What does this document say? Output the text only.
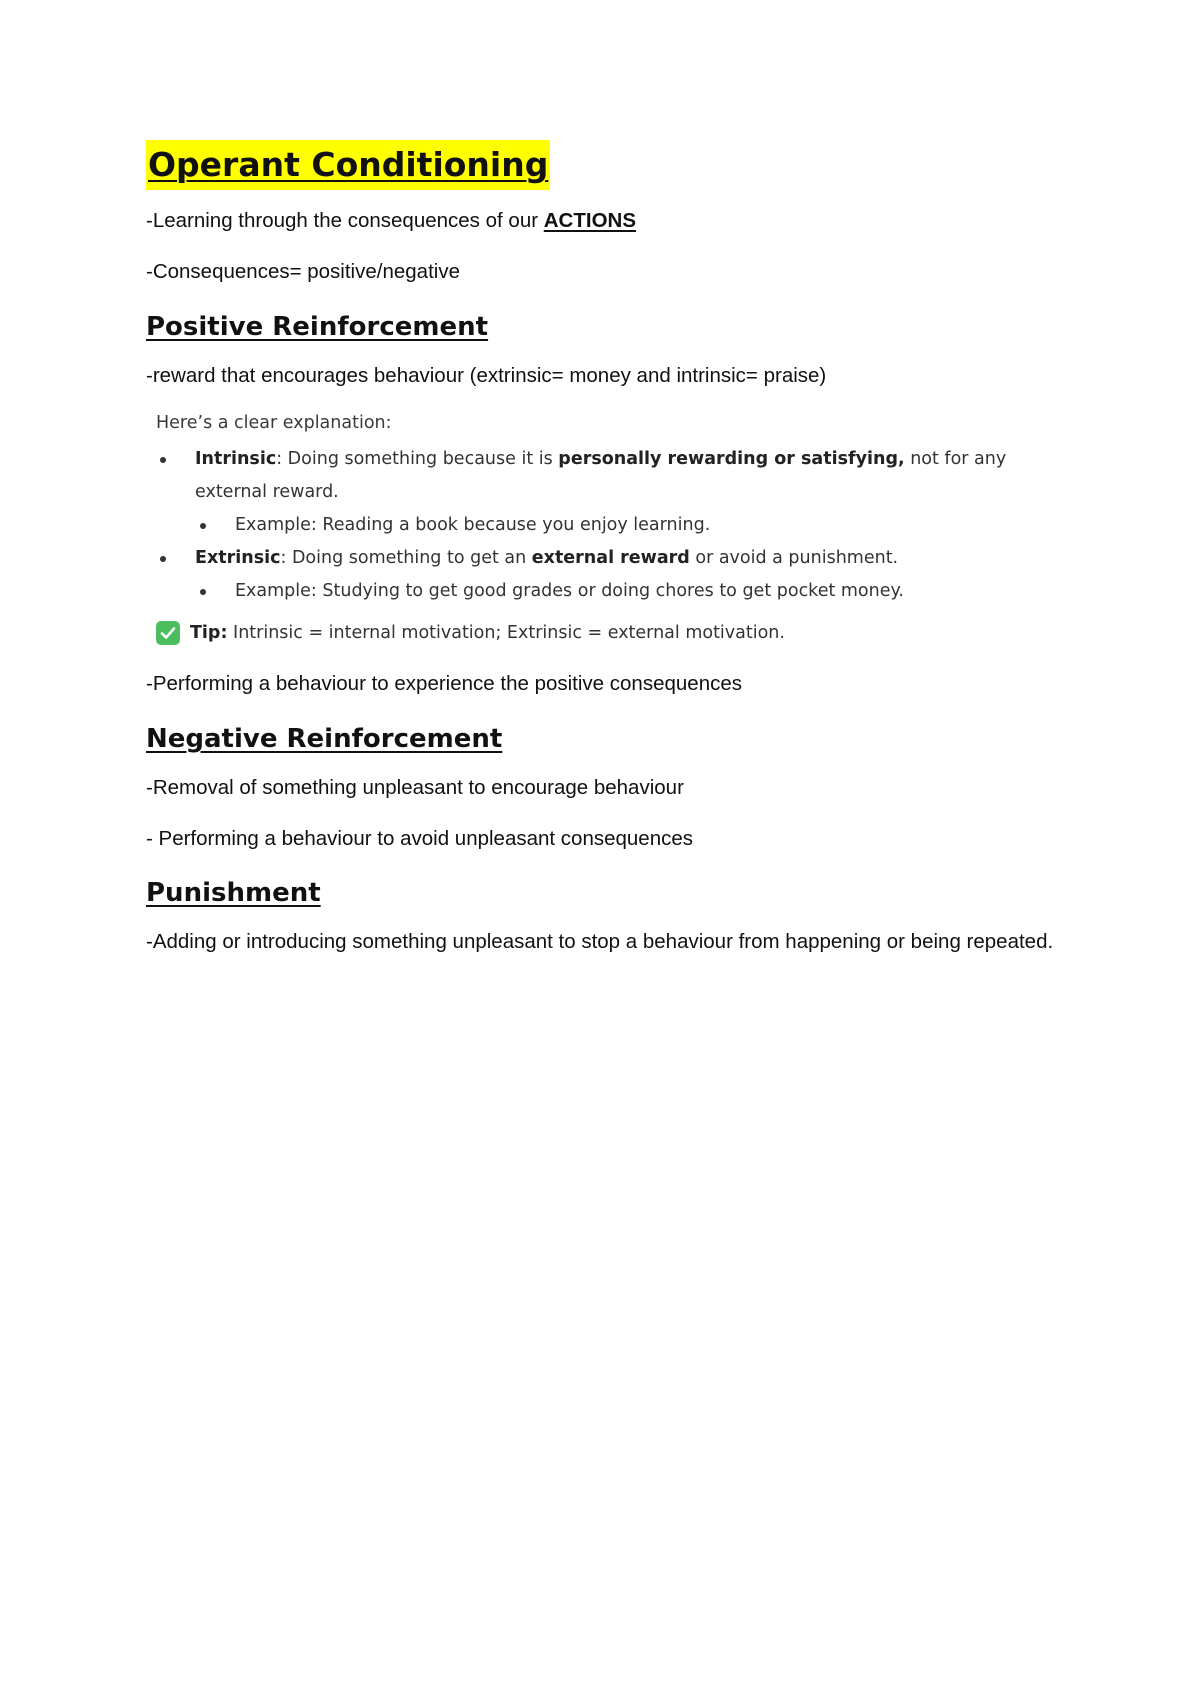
Operant Conditioning

-Learning through the consequences of our ACTIONS

-Consequences= positive/negative

Positive Reinforcement

-reward that encourages behaviour (extrinsic= money and intrinsic= praise)

Here’s a clear explanation:

Intrinsic: Doing something because it is personally rewarding or satisfying, not for any external reward.
Example: Reading a book because you enjoy learning.
Extrinsic: Doing something to get an external reward or avoid a punishment.
Example: Studying to get good grades or doing chores to get pocket money.
Tip: Intrinsic = internal motivation; Extrinsic = external motivation.

-Performing a behaviour to experience the positive consequences

Negative Reinforcement

-Removal of something unpleasant to encourage behaviour

- Performing a behaviour to avoid unpleasant consequences

Punishment

-Adding or introducing something unpleasant to stop a behaviour from happening or being repeated.
